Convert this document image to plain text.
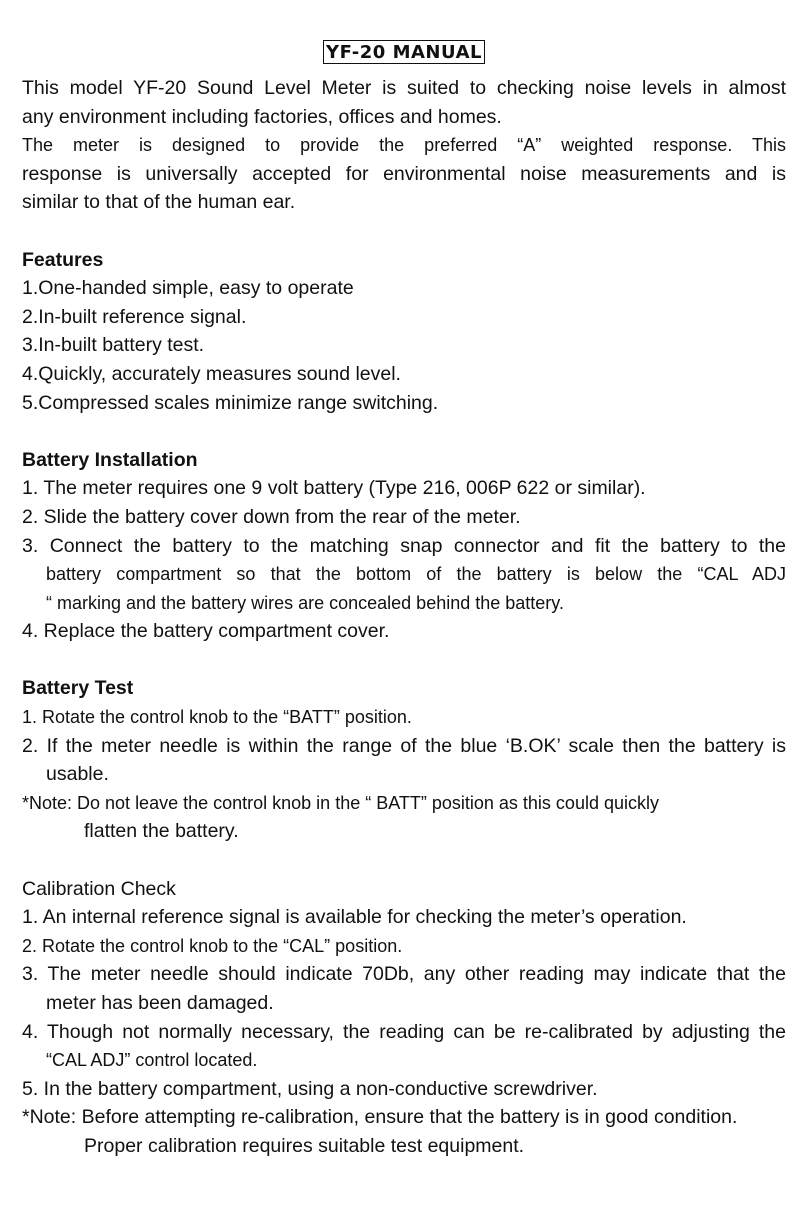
YF-20 MANUAL
This model YF-20 Sound Level Meter is suited to checking noise levels in almost
any environment including factories, offices and homes.
The meter is designed to provide the preferred “A” weighted response. This
response is universally accepted for environmental noise measurements and is
similar to that of the human ear.
Features
1.One-handed simple, easy to operate
2.In-built reference signal.
3.In-built battery test.
4.Quickly, accurately measures sound level.
5.Compressed scales minimize range switching.
Battery Installation
1. The meter requires one 9 volt battery (Type 216, 006P 622 or similar).
2. Slide the battery cover down from the rear of the meter.
3. Connect the battery to the matching snap connector and fit the battery to the
battery compartment so that the bottom of the battery is below the “CAL ADJ
“ marking and the battery wires are concealed behind the battery.
4. Replace the battery compartment cover.
Battery Test
1. Rotate the control knob to the “BATT” position.
2. If the meter needle is within the range of the blue ‘B.OK’ scale then the battery is
usable.
*Note: Do not leave the control knob in the “ BATT” position as this could quickly
flatten the battery.
Calibration Check
1. An internal reference signal is available for checking the meter’s operation.
2. Rotate the control knob to the “CAL” position.
3. The meter needle should indicate 70Db, any other reading may indicate that the
meter has been damaged.
4. Though not normally necessary, the reading can be re-calibrated by adjusting the
“CAL ADJ” control located.
5. In the battery compartment, using a non-conductive screwdriver.
*Note: Before attempting re-calibration, ensure that the battery is in good condition.
Proper calibration requires suitable test equipment.
